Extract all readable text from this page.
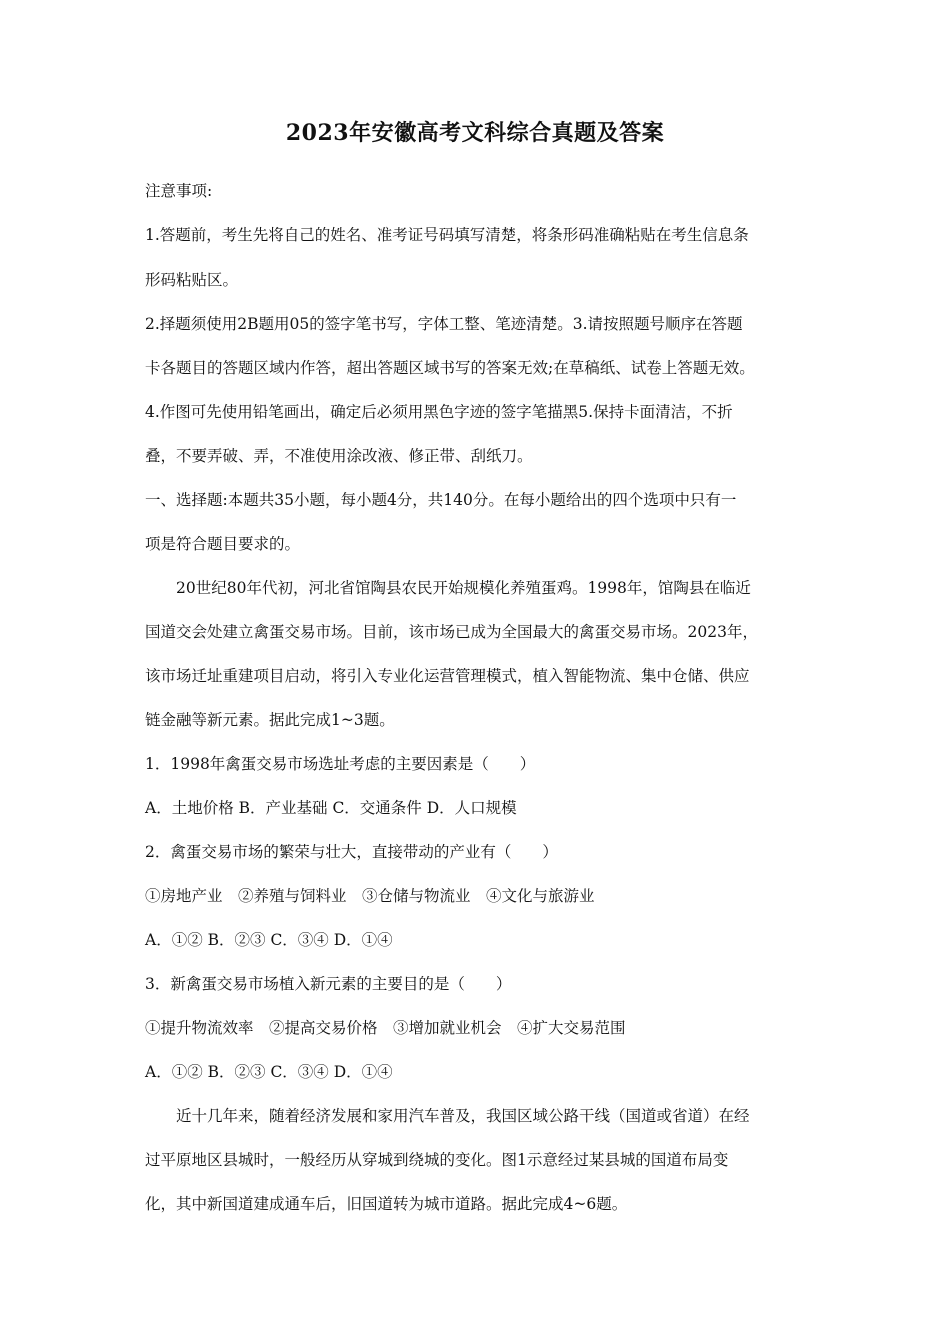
2023年安徽高考文科综合真题及答案
注意事项:
1.答题前，考生先将自己的姓名、准考证号码填写清楚，将条形码准确粘贴在考生信息条
形码粘贴区。
2.择题须使用2B题用05的签字笔书写，字体工整、笔迹清楚。3.请按照题号顺序在答题
卡各题目的答题区域内作答，超出答题区域书写的答案无效;在草稿纸、试卷上答题无效。
4.作图可先使用铅笔画出，确定后必须用黑色字迹的签字笔描黑5.保持卡面清洁，不折
叠，不要弄破、弄，不准使用涂改液、修正带、刮纸刀。
一、选择题:本题共35小题，每小题4分，共140分。在每小题给出的四个选项中只有一
项是符合题目要求的。
20世纪80年代初，河北省馆陶县农民开始规模化养殖蛋鸡。1998年，馆陶县在临近
国道交会处建立禽蛋交易市场。目前，该市场已成为全国最大的禽蛋交易市场。2023年，
该市场迁址重建项目启动，将引入专业化运营管理模式，植入智能物流、集中仓储、供应
链金融等新元素。据此完成1~3题。
1．1998年禽蛋交易市场选址考虑的主要因素是（　　）
A．土地价格 B．产业基础 C．交通条件 D．人口规模
2．禽蛋交易市场的繁荣与壮大，直接带动的产业有（　　）
①房地产业　②养殖与饲料业　③仓储与物流业　④文化与旅游业
A．①② B．②③ C．③④ D．①④
3．新禽蛋交易市场植入新元素的主要目的是（　　）
①提升物流效率　②提高交易价格　③增加就业机会　④扩大交易范围
A．①② B．②③ C．③④ D．①④
近十几年来，随着经济发展和家用汽车普及，我国区域公路干线（国道或省道）在经
过平原地区县城时，一般经历从穿城到绕城的变化。图1示意经过某县城的国道布局变
化，其中新国道建成通车后，旧国道转为城市道路。据此完成4~6题。
